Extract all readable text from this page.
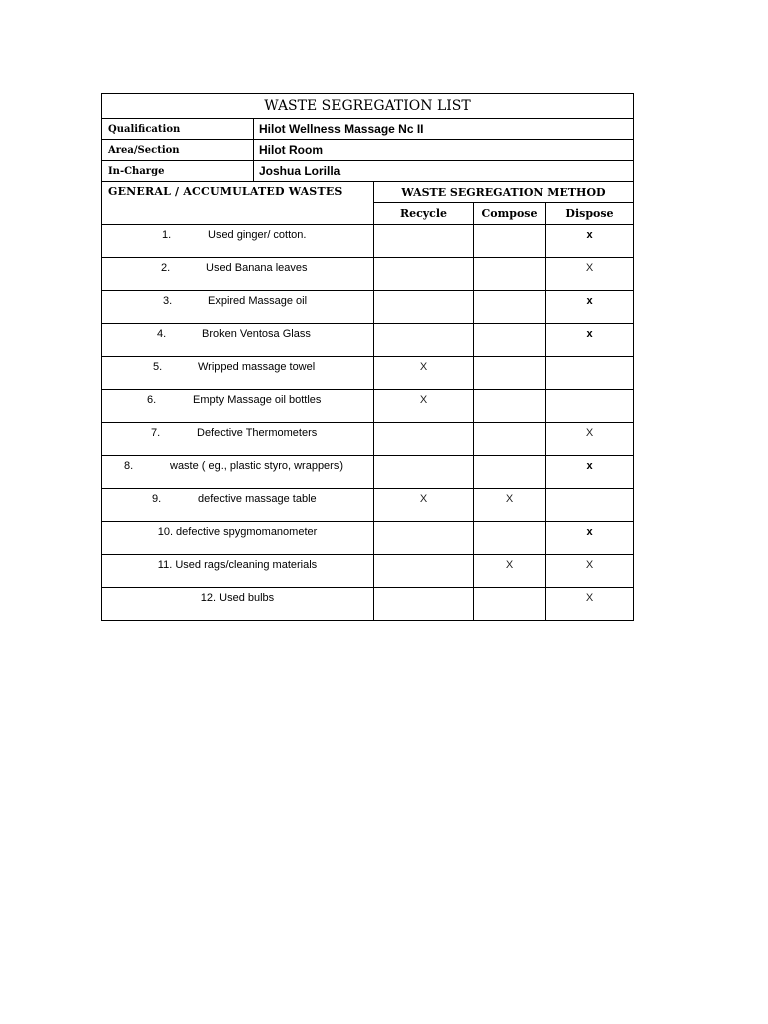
WASTE SEGREGATION LIST				
Qualification	Hilot Wellness Massage Nc II			
Area/Section	Hilot Room			
In-Charge	Joshua Lorilla			
GENERAL / ACCUMULATED WASTES		WASTE SEGREGATION METHOD		
		Recycle	Compose	Dispose

1. Used ginger/ cotton.				x

2. Used Banana leaves				X

3. Expired Massage oil				x

4. Broken Ventosa Glass				x

5. Wripped massage towel		X		

6. Empty Massage oil bottles		X		

7. Defective Thermometers				X

8. waste ( eg., plastic styro, wrappers)				x

9. defective massage table		X	X	

10. defective spygmomanometer				x

11. Used rags/cleaning materials			X	X

12. Used bulbs				X
